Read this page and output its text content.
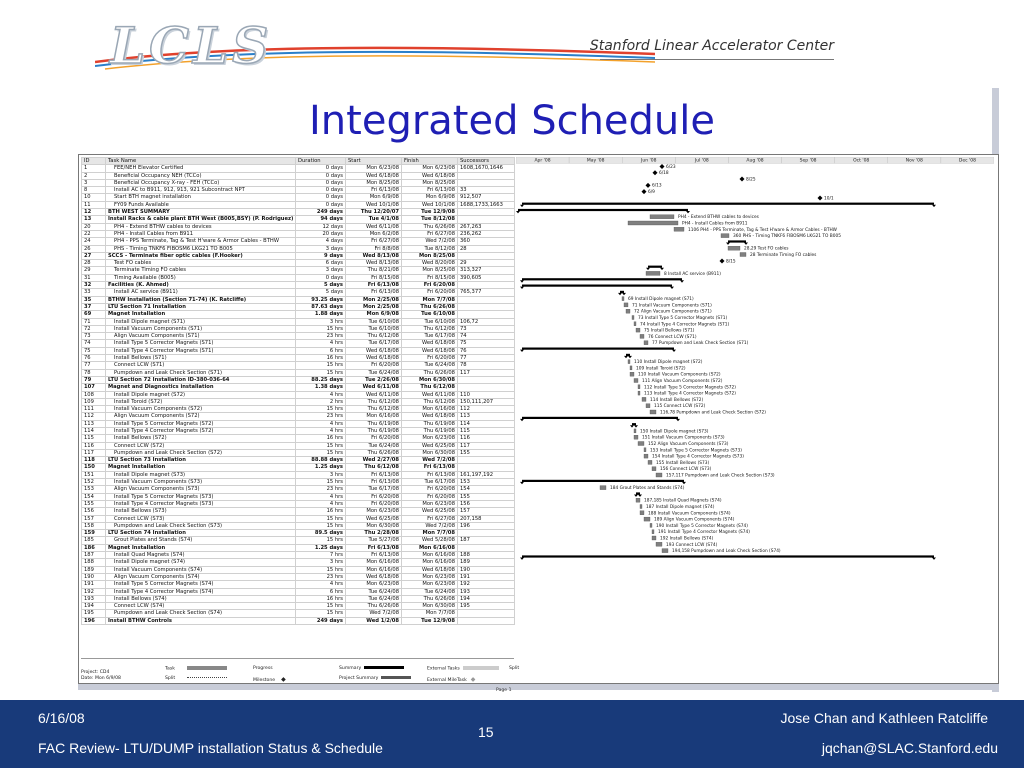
LCLS	Stanford Linear Accelerator Center
Integrated Schedule
ID	Task Name	Duration	Start	Finish	Successors
1	FEE/NEH Elevator Certified	0 days	Mon 6/23/08	Mon 6/23/08	1608,1670,1646
2	Beneficial Occupancy NEH (TCCo)	0 days	Wed 6/18/08	Wed 6/18/08	
3	Beneficial Occupancy X-ray - FEH (TCCo)	0 days	Mon 8/25/08	Mon 8/25/08	
8	Install AC to B911, 912, 913, 921 Subcontract NPT	0 days	Fri 6/13/08	Fri 6/13/08	33
10	Start BTH magnet installation	0 days	Mon 6/9/08	Mon 6/9/08	912,507
11	FY09 Funds Available	0 days	Wed 10/1/08	Wed 10/1/08	1688,1733,1663
12	BTH WEST SUMMARY	249 days	Thu 12/20/07	Tue 12/9/08	
13	Install Racks & cable plant BTH West (B005,BSY) (P. Rodriguez)	94 days	Tue 4/1/08	Tue 8/12/08	
20	PH4 - Extend BTHW cables to devices	12 days	Wed 6/11/08	Thu 6/26/08	267,263
22	PH4 - Install Cables from B911	20 days	Mon 6/2/08	Fri 6/27/08	236,262
24	PH4 - PPS Terminate, Tag & Test H'ware & Armor Cables - BTHW	4 days	Fri 6/27/08	Wed 7/2/08	360
26	PHS - Timing TNKF6 FIBOSM6 LKG21 TO B005	3 days	Fri 8/8/08	Tue 8/12/08	28
27	SCCS - Terminate fiber optic cables (F.Hooker)	9 days	Wed 8/13/08	Mon 8/25/08	
28	Test FO cables	6 days	Wed 8/13/08	Wed 8/20/08	29
29	Terminate Timing FO cables	3 days	Thu 8/21/08	Mon 8/25/08	313,327
31	Timing Available (B005)	0 days	Fri 8/15/08	Fri 8/15/08	390,605
32	Facilities (K. Ahmed)	5 days	Fri 6/13/08	Fri 6/20/08	
33	Install AC service (B911)	5 days	Fri 6/13/08	Fri 6/20/08	765,377
35	BTHW Installation (Section 71-74) (K. Ratcliffe)	93.25 days	Mon 2/25/08	Mon 7/7/08	
37	LTU Section 71 Installation	87.63 days	Mon 2/25/08	Thu 6/26/08	
69	Magnet Installation	1.88 days	Mon 6/9/08	Tue 6/10/08	
71	Install Dipole magnet (S71)	3 hrs	Tue 6/10/08	Tue 6/10/08	106,72
72	Install Vacuum Components (S71)	15 hrs	Tue 6/10/08	Thu 6/12/08	73
73	Align Vacuum Components (S71)	23 hrs	Thu 6/12/08	Tue 6/17/08	74
74	Install Type 5 Corrector Magnets (S71)	4 hrs	Tue 6/17/08	Wed 6/18/08	75
75	Install Type 4 Corrector Magnets (S71)	6 hrs	Wed 6/18/08	Wed 6/18/08	76
76	Install Bellows (S71)	16 hrs	Wed 6/18/08	Fri 6/20/08	77
77	Connect LCW (S71)	15 hrs	Fri 6/20/08	Tue 6/24/08	78
78	Pumpdown and Leak Check Section (S71)	15 hrs	Tue 6/24/08	Thu 6/26/08	117
79	LTU Section 72 Installation ID-380-036-64	88.25 days	Tue 2/26/08	Mon 6/30/08	
107	Magnet and Diagnostics installation	1.38 days	Wed 6/11/08	Thu 6/12/08	
108	Install Dipole magnet (S72)	4 hrs	Wed 6/11/08	Wed 6/11/08	110
109	Install Toroid (S72)	2 hrs	Thu 6/12/08	Thu 6/12/08	150,111,207
111	Install Vacuum Components (S72)	15 hrs	Thu 6/12/08	Mon 6/16/08	112
112	Align Vacuum Components (S72)	23 hrs	Mon 6/16/08	Wed 6/18/08	113
113	Install Type 5 Corrector Magnets (S72)	4 hrs	Thu 6/19/08	Thu 6/19/08	114
114	Install Type 4 Corrector Magnets (S72)	4 hrs	Thu 6/19/08	Thu 6/19/08	115
115	Install Bellows (S72)	16 hrs	Fri 6/20/08	Mon 6/23/08	116
116	Connect LCW (S72)	15 hrs	Tue 6/24/08	Wed 6/25/08	117
117	Pumpdown and Leak Check Section (S72)	15 hrs	Thu 6/26/08	Mon 6/30/08	155
118	LTU Section 73 Installation	88.88 days	Wed 2/27/08	Wed 7/2/08	
150	Magnet Installation	1.25 days	Thu 6/12/08	Fri 6/13/08	
151	Install Dipole magnet (S73)	3 hrs	Fri 6/13/08	Fri 6/13/08	161,197,192
152	Install Vacuum Components (S73)	15 hrs	Fri 6/13/08	Tue 6/17/08	153
153	Align Vacuum Components (S73)	23 hrs	Tue 6/17/08	Fri 6/20/08	154
154	Install Type 5 Corrector Magnets (S73)	4 hrs	Fri 6/20/08	Fri 6/20/08	155
155	Install Type 4 Corrector Magnets (S73)	4 hrs	Fri 6/20/08	Mon 6/23/08	156
156	Install Bellows (S73)	16 hrs	Mon 6/23/08	Wed 6/25/08	157
157	Connect LCW (S73)	15 hrs	Wed 6/25/08	Fri 6/27/08	207,158
158	Pumpdown and Leak Check Section (S73)	15 hrs	Mon 6/30/08	Wed 7/2/08	196
159	LTU Section 74 Installation	89.5 days	Thu 2/28/08	Mon 7/7/08	
185	Grout Plates and Stands (S74)	15 hrs	Tue 5/27/08	Wed 5/28/08	187
186	Magnet Installation	1.25 days	Fri 6/13/08	Mon 6/16/08	
187	Install Quad Magnets (S74)	7 hrs	Fri 6/13/08	Mon 6/16/08	188
188	Install Dipole magnet (S74)	3 hrs	Mon 6/16/08	Mon 6/16/08	189
189	Install Vacuum Components (S74)	15 hrs	Mon 6/16/08	Wed 6/18/08	190
190	Align Vacuum Components (S74)	23 hrs	Wed 6/18/08	Mon 6/23/08	191
191	Install Type 5 Corrector Magnets (S74)	4 hrs	Mon 6/23/08	Mon 6/23/08	192
192	Install Type 4 Corrector Magnets (S74)	6 hrs	Tue 6/24/08	Tue 6/24/08	193
193	Install Bellows (S74)	16 hrs	Tue 6/24/08	Thu 6/26/08	194
194	Connect LCW (S74)	15 hrs	Thu 6/26/08	Mon 6/30/08	195
195	Pumpdown and Leak Check Section (S74)	15 hrs	Wed 7/2/08	Mon 7/7/08	
196	Install BTHW Controls	249 days	Wed 1/2/08	Tue 12/9/08	
Apr '08	May '08	Jun '08	Jul '08	Aug '08	Sep '08	Oct '08	Nov '08	Dec '08
6/23
6/18
8/25
6/13
6/9
10/1
PH4 - Extend BTHW cables to devices
PH4 - Install Cables from B911
1106 PH4 - PPS Terminate, Tag & Test H'ware & Armor Cables - BTHW
360 PHS - Timing TNKF6 FIBOSM6 LKG21 TO B005
28,29 Test FO cables
28 Terminate Timing FO cables
8/15
8 Install AC service (B911)
69 Install Dipole magnet (S71)
71 Install Vacuum Components (S71)
72 Align Vacuum Components (S71)
73 Install Type 5 Corrector Magnets (S71)
74 Install Type 4 Corrector Magnets (S71)
75 Install Bellows (S71)
76 Connect LCW (S71)
77 Pumpdown and Leak Check Section (S71)
110 Install Dipole magnet (S72)
109 Install Toroid (S72)
110 Install Vacuum Components (S72)
111 Align Vacuum Components (S72)
112 Install Type 5 Corrector Magnets (S72)
113 Install Type 4 Corrector Magnets (S72)
114 Install Bellows (S72)
115 Connect LCW (S72)
116,78 Pumpdown and Leak Check Section (S72)
150 Install Dipole magnet (S73)
151 Install Vacuum Components (S73)
152 Align Vacuum Components (S73)
153 Install Type 5 Corrector Magnets (S73)
154 Install Type 4 Corrector Magnets (S73)
155 Install Bellows (S73)
156 Connect LCW (S73)
157,117 Pumpdown and Leak Check Section (S73)
184 Grout Plates and Stands (S74)
187,185 Install Quad Magnets (S74)
187 Install Dipole magnet (S74)
188 Install Vacuum Components (S74)
189 Align Vacuum Components (S74)
190 Install Type 5 Corrector Magnets (S74)
191 Install Type 4 Corrector Magnets (S74)
192 Install Bellows (S74)
193 Connect LCW (S74)
194,158 Pumpdown and Leak Check Section (S74)
Project: CD4
Date: Mon 6/9/08
Task
Split
Progress
Milestone ◆
Summary
Project Summary
External Tasks
External MileTask ◆
Split
Page 1
6/16/08	Jose Chan and Kathleen Ratcliffe
15
FAC Review- LTU/DUMP installation Status & Schedule	jqchan@SLAC.Stanford.edu
